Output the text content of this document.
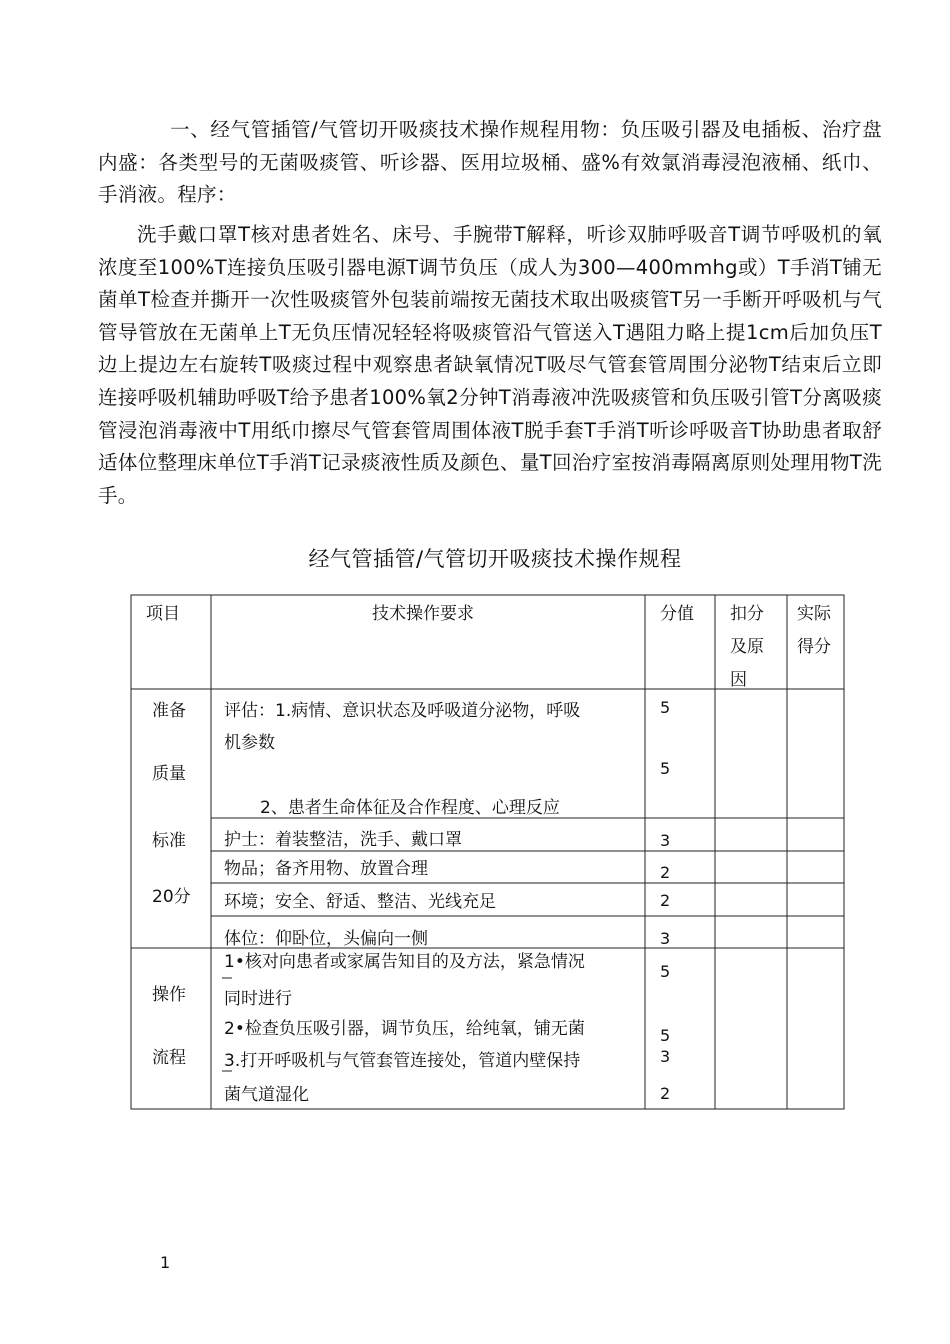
一、经气管插管/气管切开吸痰技术操作规程用物：负压吸引器及电插板、治疗盘内盛：各类型号的无菌吸痰管、听诊器、医用垃圾桶、盛%有效氯消毒浸泡液桶、纸巾、手消液。程序：
洗手戴口罩T核对患者姓名、床号、手腕带T解释，听诊双肺呼吸音T调节呼吸机的氧浓度至100%T连接负压吸引器电源T调节负压（成人为300—400mmhg或）T手消T铺无菌单T检查并撕开一次性吸痰管外包装前端按无菌技术取出吸痰管T另一手断开呼吸机与气管导管放在无菌单上T无负压情况轻轻将吸痰管沿气管送入T遇阻力略上提1cm后加负压T边上提边左右旋转T吸痰过程中观察患者缺氧情况T吸尽气管套管周围分泌物T结束后立即连接呼吸机辅助呼吸T给予患者100%氧2分钟T消毒液冲洗吸痰管和负压吸引管T分离吸痰管浸泡消毒液中T用纸巾擦尽气管套管周围体液T脱手套T手消T听诊呼吸音T协助患者取舒适体位整理床单位T手消T记录痰液性质及颜色、量T回治疗室按消毒隔离原则处理用物T洗手。
经气管插管/气管切开吸痰技术操作规程
项目	技术操作要求	分值 扣分
及原
因
实际
得分
准备
质量
标准
20分
评估：1.病情、意识状态及呼吸道分泌物，呼吸
机参数
2、患者生命体征及合作程度、心理反应
护士：着装整洁，洗手、戴口罩
物品；备齐用物、放置合理
环境；安全、舒适、整洁、光线充足
体位：仰卧位，头偏向一侧
5
5
3
2
2
3
操作
流程
1•核对向患者或家属告知目的及方法，紧急情况
同时进行
2•检查负压吸引器，调节负压，给纯氧，铺无菌
3.打开呼吸机与气管套管连接处，管道内壁保持
菌气道湿化
5
5
3
2
1
